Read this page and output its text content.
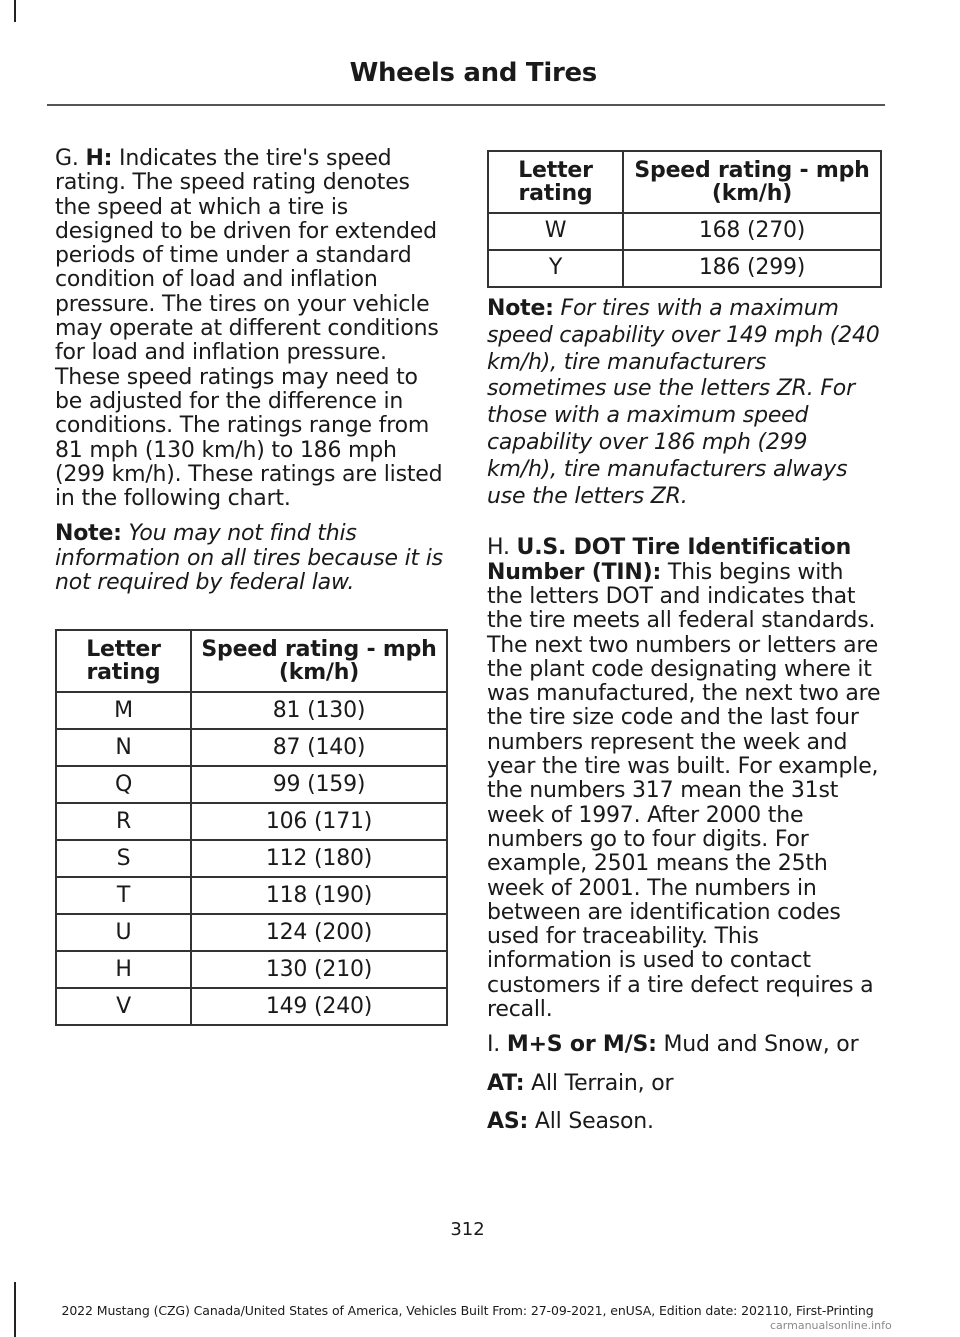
Wheels and Tires

G. H: Indicates the tire's speed rating. The speed rating denotes the speed at which a tire is designed to be driven for extended periods of time under a standard condition of load and inflation pressure. The tires on your vehicle may operate at different conditions for load and inflation pressure. These speed ratings may need to be adjusted for the difference in conditions. The ratings range from 81 mph (130 km/h) to 186 mph (299 km/h). These ratings are listed in the following chart.

Note: You may not find this information on all tires because it is not required by federal law.

Letter rating	Speed rating - mph (km/h)
M	81 (130)
N	87 (140)
Q	99 (159)
R	106 (171)
S	112 (180)
T	118 (190)
U	124 (200)
H	130 (210)
V	149 (240)
Letter rating	Speed rating - mph (km/h)
W	168 (270)
Y	186 (299)

Note: For tires with a maximum speed capability over 149 mph (240 km/h), tire manufacturers sometimes use the letters ZR. For those with a maximum speed capability over 186 mph (299 km/h), tire manufacturers always use the letters ZR.

H. U.S. DOT Tire Identification Number (TIN): This begins with the letters DOT and indicates that the tire meets all federal standards. The next two numbers or letters are the plant code designating where it was manufactured, the next two are the tire size code and the last four numbers represent the week and year the tire was built. For example, the numbers 317 mean the 31st week of 1997. After 2000 the numbers go to four digits. For example, 2501 means the 25th week of 2001. The numbers in between are identification codes used for traceability. This information is used to contact customers if a tire defect requires a recall.

I. M+S or M/S: Mud and Snow, or

AT: All Terrain, or

AS: All Season.

312
2022 Mustang (CZG) Canada/United States of America, Vehicles Built From: 27-09-2021, enUSA, Edition date: 202110, First-Printing
carmanualsonline.info
